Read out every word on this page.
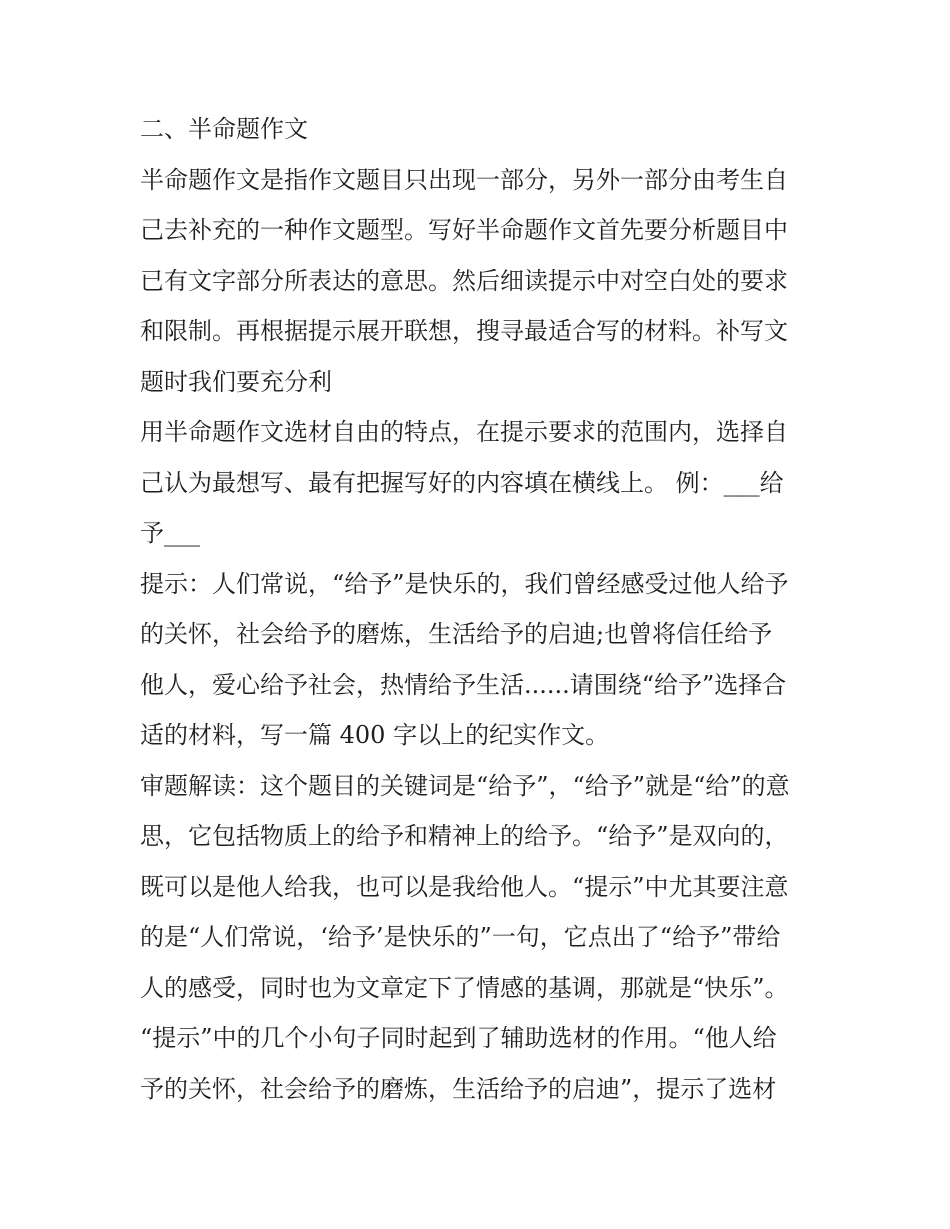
二、半命题作文
半命题作文是指作文题目只出现一部分，另外一部分由考生自
己去补充的一种作文题型。写好半命题作文首先要分析题目中
已有文字部分所表达的意思。然后细读提示中对空白处的要求
和限制。再根据提示展开联想，搜寻最适合写的材料。补写文
题时我们要充分利
用半命题作文选材自由的特点，在提示要求的范围内，选择自
己认为最想写、最有把握写好的内容填在横线上。 例：___给
予___
提示：人们常说，“给予”是快乐的，我们曾经感受过他人给予
的关怀，社会给予的磨炼，生活给予的启迪;也曾将信任给予
他人，爱心给予社会，热情给予生活......请围绕“给予”选择合
适的材料，写一篇 400 字以上的纪实作文。
审题解读：这个题目的关键词是“给予”，“给予”就是“给”的意
思，它包括物质上的给予和精神上的给予。“给予”是双向的，
既可以是他人给我，也可以是我给他人。“提示”中尤其要注意
的是“人们常说，‘给予’是快乐的”一句，它点出了“给予”带给
人的感受，同时也为文章定下了情感的基调，那就是“快乐”。
“提示”中的几个小句子同时起到了辅助选材的作用。“他人给
予的关怀，社会给予的磨炼，生活给予的启迪”，提示了选材
